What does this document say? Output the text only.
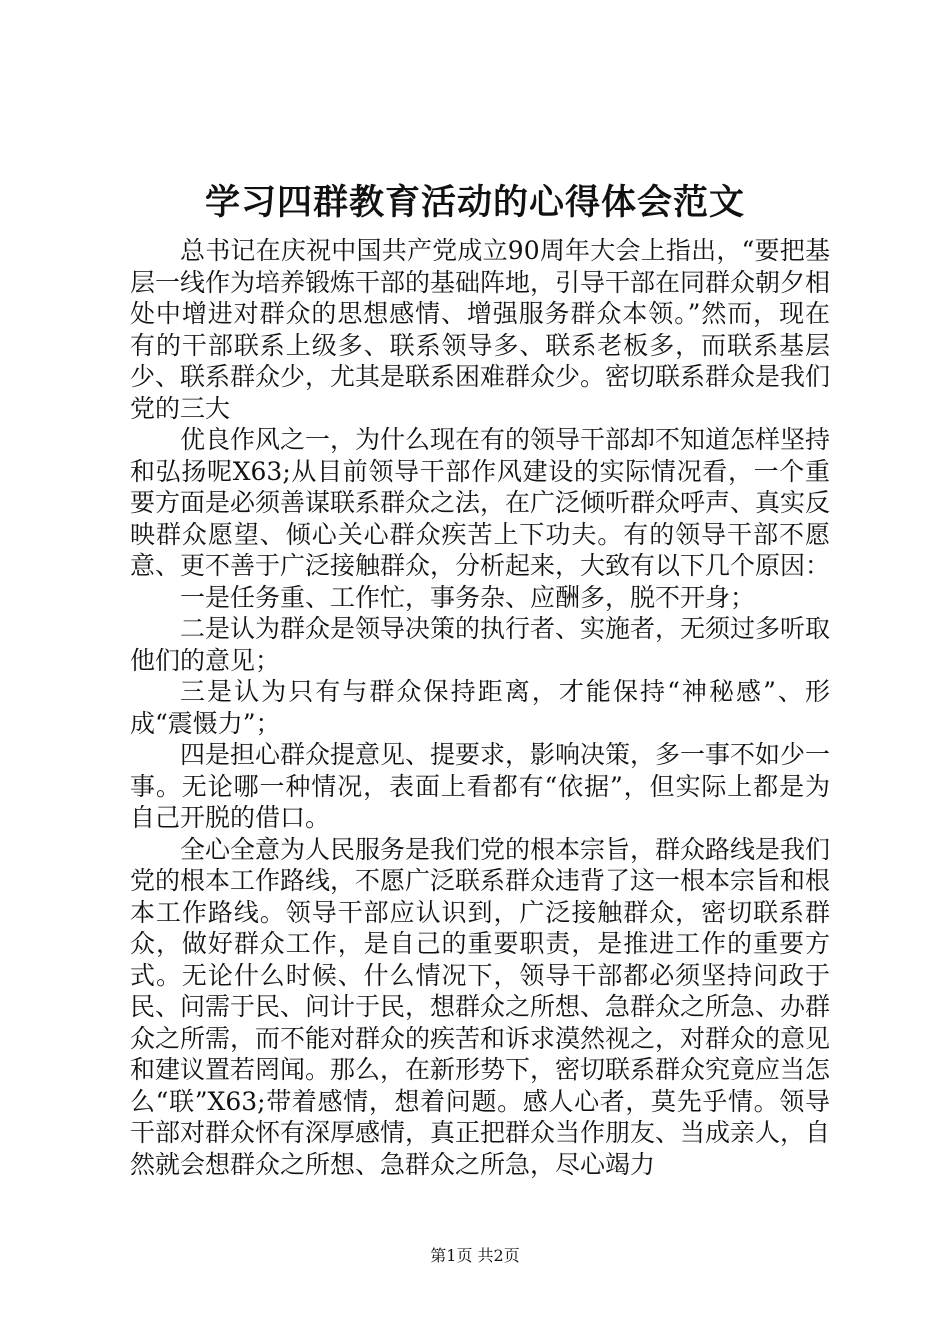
学习四群教育活动的心得体会范文

总书记在庆祝中国共产党成立90周年大会上指出，“要把基层一线作为培养锻炼干部的基础阵地，引导干部在同群众朝夕相处中增进对群众的思想感情、增强服务群众本领。”然而，现在有的干部联系上级多、联系领导多、联系老板多，而联系基层少、联系群众少，尤其是联系困难群众少。密切联系群众是我们党的三大

优良作风之一，为什么现在有的领导干部却不知道怎样坚持和弘扬呢X63;从目前领导干部作风建设的实际情况看，一个重要方面是必须善谋联系群众之法，在广泛倾听群众呼声、真实反映群众愿望、倾心关心群众疾苦上下功夫。有的领导干部不愿意、更不善于广泛接触群众，分析起来，大致有以下几个原因：

一是任务重、工作忙，事务杂、应酬多，脱不开身；

二是认为群众是领导决策的执行者、实施者，无须过多听取他们的意见；

三是认为只有与群众保持距离，才能保持“神秘感”、形成“震慑力”；

四是担心群众提意见、提要求，影响决策，多一事不如少一事。无论哪一种情况，表面上看都有“依据”，但实际上都是为自己开脱的借口。

全心全意为人民服务是我们党的根本宗旨，群众路线是我们党的根本工作路线，不愿广泛联系群众违背了这一根本宗旨和根本工作路线。领导干部应认识到，广泛接触群众，密切联系群众，做好群众工作，是自己的重要职责，是推进工作的重要方式。无论什么时候、什么情况下，领导干部都必须坚持问政于民、问需于民、问计于民，想群众之所想、急群众之所急、办群众之所需，而不能对群众的疾苦和诉求漠然视之，对群众的意见和建议置若罔闻。那么，在新形势下，密切联系群众究竟应当怎么“联”X63;带着感情，想着问题。感人心者，莫先乎情。领导干部对群众怀有深厚感情，真正把群众当作朋友、当成亲人，自然就会想群众之所想、急群众之所急，尽心竭力

第1页 共2页
